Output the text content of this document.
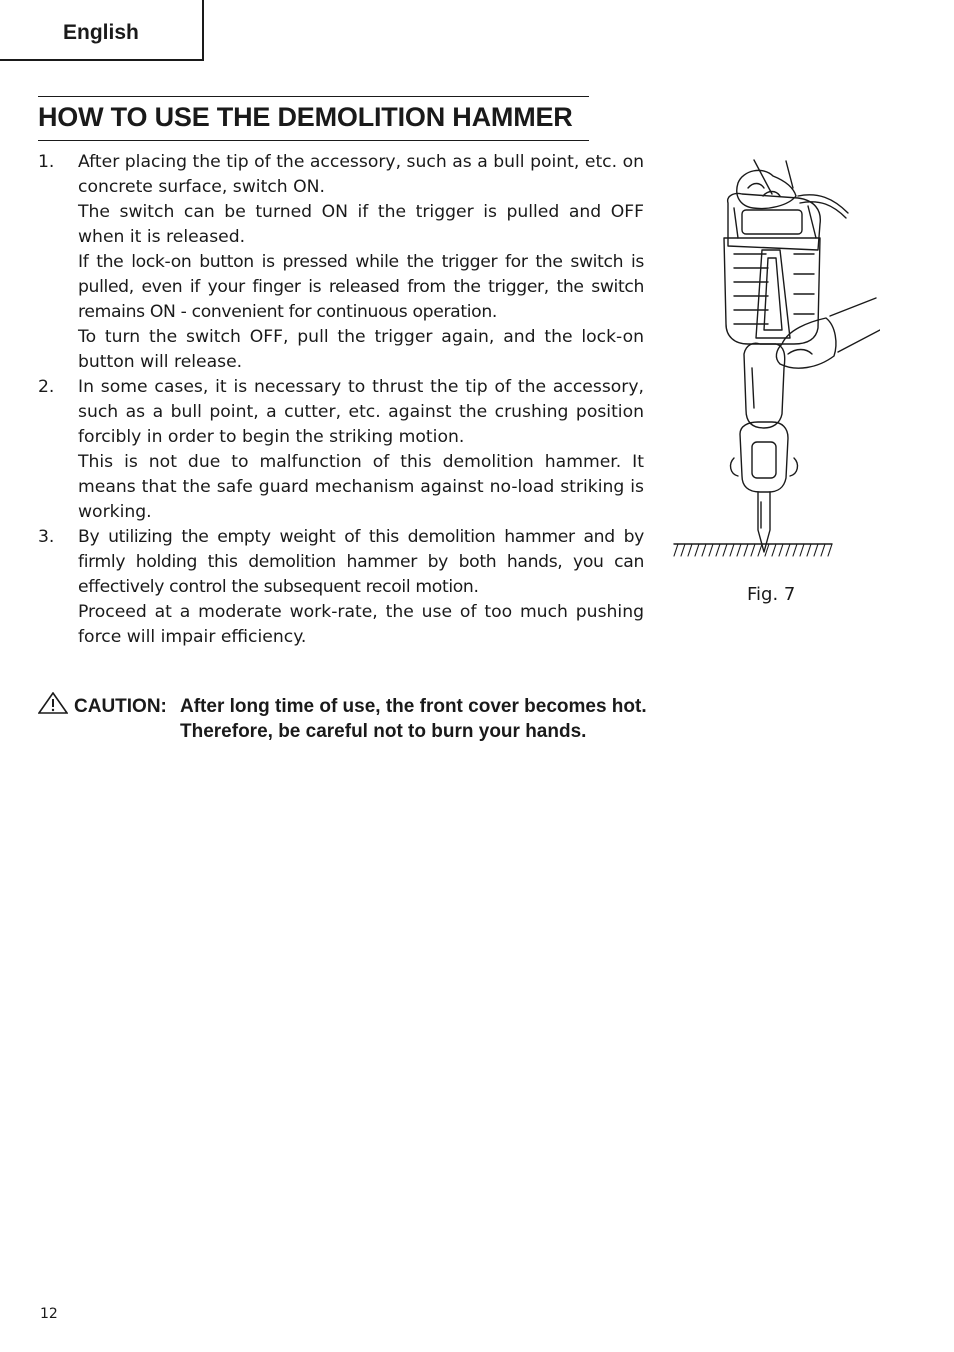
English
HOW TO USE THE DEMOLITION HAMMER
1. After placing the tip of the accessory, such as a bull point, etc. on concrete surface, switch ON.

The switch can be turned ON if the trigger is pulled and OFF when it is released.

If the lock-on button is pressed while the trigger for the switch is pulled, even if your finger is released from the trigger, the switch remains ON - convenient for continuous operation.

To turn the switch OFF, pull the trigger again, and the lock-on button will release.

2. In some cases, it is necessary to thrust the tip of the accessory, such as a bull point, a cutter, etc. against the crushing position forcibly in order to begin the striking motion.

This is not due to malfunction of this demolition hammer. It means that the safe guard mechanism against no-load striking is working.

3. By utilizing the empty weight of this demolition hammer and by firmly holding this demolition hammer by both hands, you can effectively control the subsequent recoil motion.

Proceed at a moderate work-rate, the use of too much pushing force will impair efficiency.

CAUTION: After long time of use, the front cover becomes hot.
Therefore, be careful not to burn your hands.
Fig. 7
12
